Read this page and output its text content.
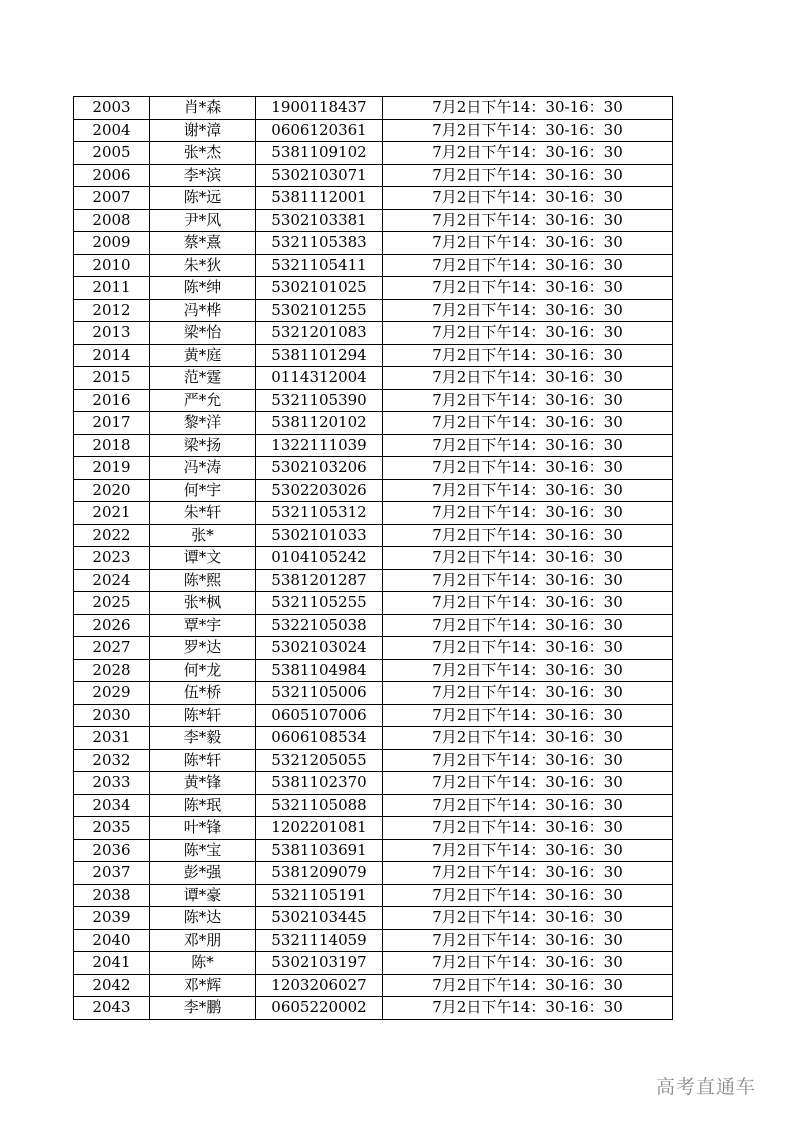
2003	肖*森	1900118437	7月2日下午14：30-16：30
2004	谢*漳	0606120361	7月2日下午14：30-16：30
2005	张*杰	5381109102	7月2日下午14：30-16：30
2006	李*滨	5302103071	7月2日下午14：30-16：30
2007	陈*远	5381112001	7月2日下午14：30-16：30
2008	尹*风	5302103381	7月2日下午14：30-16：30
2009	蔡*熹	5321105383	7月2日下午14：30-16：30
2010	朱*狄	5321105411	7月2日下午14：30-16：30
2011	陈*绅	5302101025	7月2日下午14：30-16：30
2012	冯*桦	5302101255	7月2日下午14：30-16：30
2013	梁*怡	5321201083	7月2日下午14：30-16：30
2014	黄*庭	5381101294	7月2日下午14：30-16：30
2015	范*霆	0114312004	7月2日下午14：30-16：30
2016	严*允	5321105390	7月2日下午14：30-16：30
2017	黎*洋	5381120102	7月2日下午14：30-16：30
2018	梁*扬	1322111039	7月2日下午14：30-16：30
2019	冯*涛	5302103206	7月2日下午14：30-16：30
2020	何*宇	5302203026	7月2日下午14：30-16：30
2021	朱*轩	5321105312	7月2日下午14：30-16：30
2022	张*	5302101033	7月2日下午14：30-16：30
2023	谭*文	0104105242	7月2日下午14：30-16：30
2024	陈*熙	5381201287	7月2日下午14：30-16：30
2025	张*枫	5321105255	7月2日下午14：30-16：30
2026	覃*宇	5322105038	7月2日下午14：30-16：30
2027	罗*达	5302103024	7月2日下午14：30-16：30
2028	何*龙	5381104984	7月2日下午14：30-16：30
2029	伍*桥	5321105006	7月2日下午14：30-16：30
2030	陈*轩	0605107006	7月2日下午14：30-16：30
2031	李*毅	0606108534	7月2日下午14：30-16：30
2032	陈*轩	5321205055	7月2日下午14：30-16：30
2033	黄*锋	5381102370	7月2日下午14：30-16：30
2034	陈*珉	5321105088	7月2日下午14：30-16：30
2035	叶*锋	1202201081	7月2日下午14：30-16：30
2036	陈*宝	5381103691	7月2日下午14：30-16：30
2037	彭*强	5381209079	7月2日下午14：30-16：30
2038	谭*豪	5321105191	7月2日下午14：30-16：30
2039	陈*达	5302103445	7月2日下午14：30-16：30
2040	邓*朋	5321114059	7月2日下午14：30-16：30
2041	陈*	5302103197	7月2日下午14：30-16：30
2042	邓*辉	1203206027	7月2日下午14：30-16：30
2043	李*鹏	0605220002	7月2日下午14：30-16：30
高考直通车
